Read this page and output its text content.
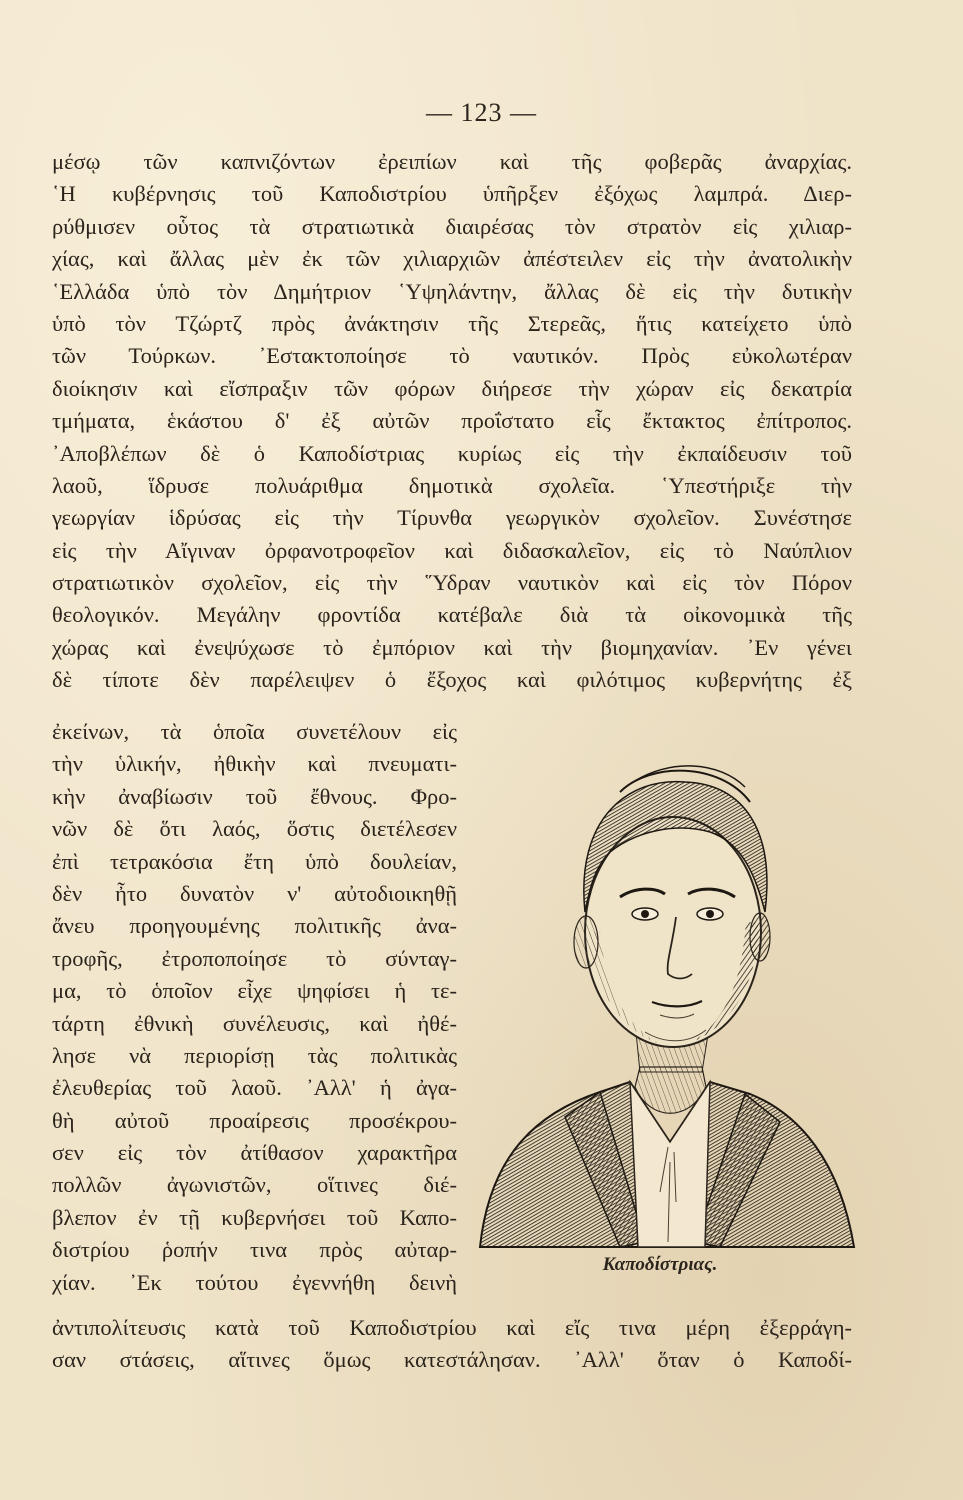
— 123 —
μέσῳ τῶν καπνιζόντων ἐρειπίων καὶ τῆς φοβερᾶς ἀναρχίας.
῾Η κυβέρνησις τοῦ Καποδιστρίου ὑπῆρξεν ἐξόχως λαμπρά. Διερ-
ρύθμισεν οὗτος τὰ στρατιωτικὰ διαιρέσας τὸν στρατὸν εἰς χιλιαρ-
χίας, καὶ ἄλλας μὲν ἐκ τῶν χιλιαρχιῶν ἀπέστειλεν εἰς τὴν ἀνατολικὴν
῾Ελλάδα ὑπὸ τὸν Δημήτριον ῾Υψηλάντην, ἄλλας δὲ εἰς τὴν δυτικὴν
ὑπὸ τὸν Τζώρτζ πρὸς ἀνάκτησιν τῆς Στερεᾶς, ἥτις κατείχετο ὑπὸ
τῶν Τούρκων. ᾿Εστακτοποίησε τὸ ναυτικόν. Πρὸς εὐκολωτέραν
διοίκησιν καὶ εἴσπραξιν τῶν φόρων διήρεσε τὴν χώραν εἰς δεκατρία
τμήματα, ἑκάστου δ' ἐξ αὐτῶν προΐστατο εἷς ἔκτακτος ἐπίτροπος.
᾿Αποβλέπων δὲ ὁ Καποδίστριας κυρίως εἰς τὴν ἐκπαίδευσιν τοῦ
λαοῦ, ἵδρυσε πολυάριθμα δημοτικὰ σχολεῖα. ῾Υπεστήριξε τὴν
γεωργίαν ἱδρύσας εἰς τὴν Τίρυνθα γεωργικὸν σχολεῖον. Συνέστησε
εἰς τὴν Αἴγιναν ὀρφανοτροφεῖον καὶ διδασκαλεῖον, εἰς τὸ Ναύπλιον
στρατιωτικὸν σχολεῖον, εἰς τὴν ῞Υδραν ναυτικὸν καὶ εἰς τὸν Πόρον
θεολογικόν. Μεγάλην φροντίδα κατέβαλε διὰ τὰ οἰκονομικὰ τῆς
χώρας καὶ ἐνεψύχωσε τὸ ἐμπόριον καὶ τὴν βιομηχανίαν. ᾿Εν γένει
δὲ τίποτε δὲν παρέλειψεν ὁ ἔξοχος καὶ φιλότιμος κυβερνήτης ἐξ
ἐκείνων, τὰ ὁποῖα συνετέλουν εἰς
τὴν ὑλικήν, ἠθικὴν καὶ πνευματι-
κὴν ἀναβίωσιν τοῦ ἔθνους. Φρο-
νῶν δὲ ὅτι λαός, ὅστις διετέλεσεν
ἐπὶ τετρακόσια ἔτη ὑπὸ δουλείαν,
δὲν ἦτο δυνατὸν ν' αὐτοδιοικηθῇ
ἄνευ προηγουμένης πολιτικῆς ἀνα-
τροφῆς, ἐτροποποίησε τὸ σύνταγ-
μα, τὸ ὁποῖον εἶχε ψηφίσει ἡ τε-
τάρτη ἐθνικὴ συνέλευσις, καὶ ἠθέ-
λησε νὰ περιορίσῃ τὰς πολιτικὰς
ἐλευθερίας τοῦ λαοῦ. ᾿Αλλ' ἡ ἀγα-
θὴ αὐτοῦ προαίρεσις προσέκρου-
σεν εἰς τὸν ἀτίθασον χαρακτῆρα
πολλῶν ἀγωνιστῶν, οἵτινες διέ-
βλεπον ἐν τῇ κυβερνήσει τοῦ Καπο-
διστρίου ῥοπήν τινα πρὸς αὐταρ-
χίαν. ᾿Εκ τούτου ἐγεννήθη δεινὴ
Καποδίστριας.
ἀντιπολίτευσις κατὰ τοῦ Καποδιστρίου καὶ εἴς τινα μέρη ἐξερράγη-
σαν στάσεις, αἵτινες ὅμως κατεστάλησαν. ᾿Αλλ' ὅταν ὁ Καποδί-
